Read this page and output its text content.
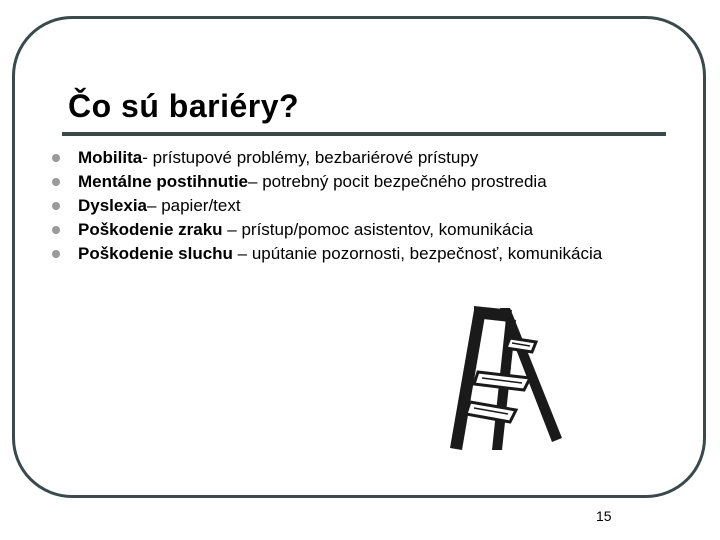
Čo sú bariéry?
Mobilita- prístupové problémy, bezbariérové prístupy
Mentálne postihnutie– potrebný pocit bezpečného prostredia
Dyslexia– papier/text
Poškodenie zraku – prístup/pomoc asistentov, komunikácia
Poškodenie sluchu – upútanie pozornosti, bezpečnosť, komunikácia
15
